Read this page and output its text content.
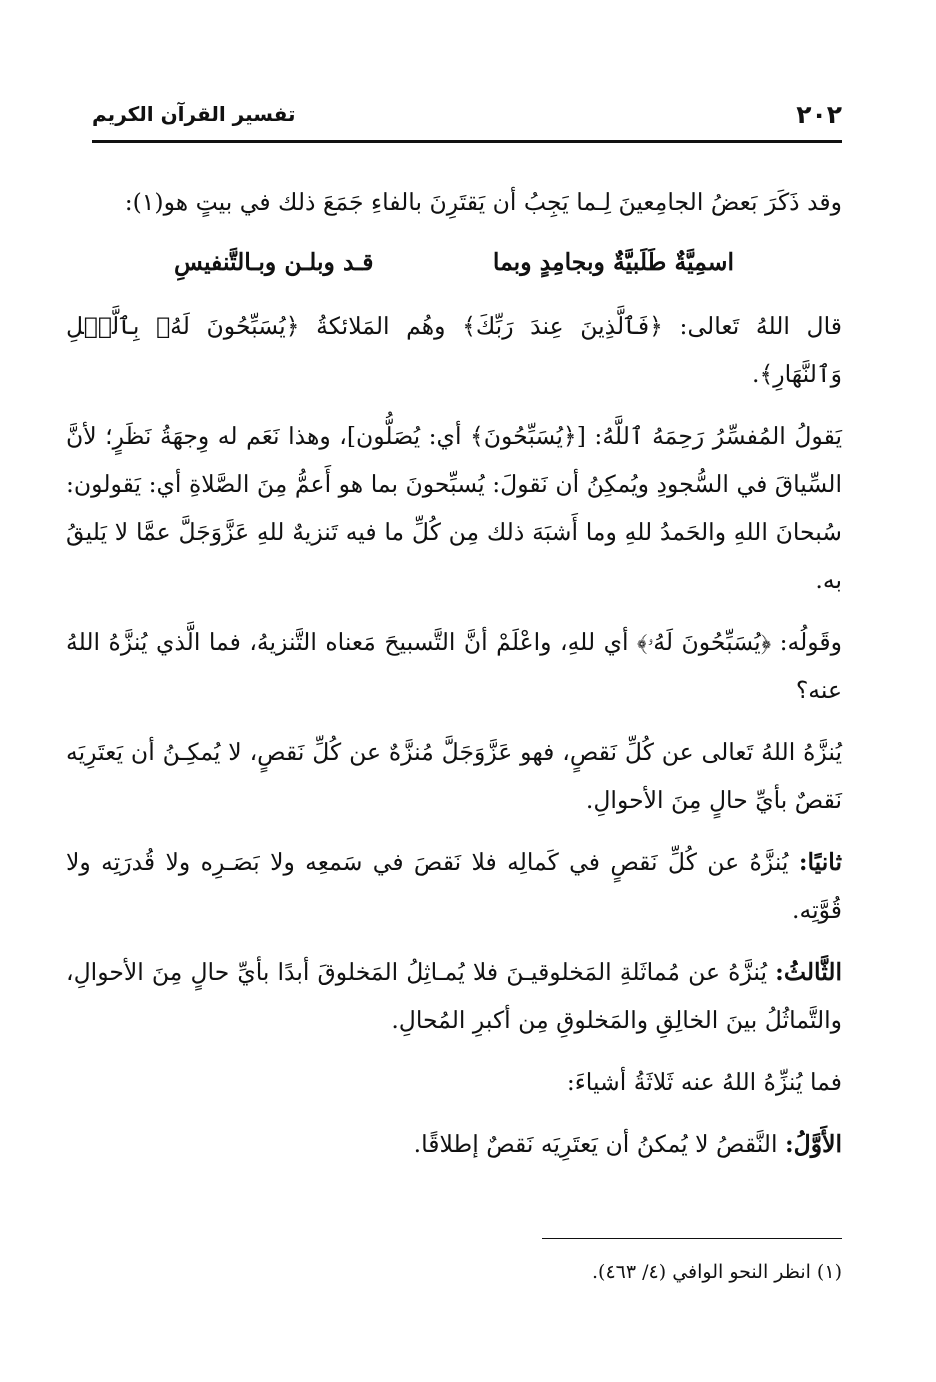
٢٠٢
تفسير القرآن الكريم

وقد ذَكَرَ بَعضُ الجامِعينَ لِـما يَجِبُ أن يَقتَرِنَ بالفاءِ جَمَعَ ذلك في بيتٍ هو(١):

اسمِيَّةٌ طَلَبيَّةٌ وبجامِدٍ وبما
قـد وبلـن وبـالتَّنفيسِ

قال اللهُ تَعالى: ﴿فَٱلَّذِينَ عِندَ رَبِّكَ﴾ وهُم المَلائكةُ ﴿يُسَبِّحُونَ لَهُۥ بِٱلَّيۡلِ وَٱلنَّهَارِ﴾.

يَقولُ المُفسِّرُ رَحِمَهُ ٱللَّهُ: [﴿يُسَبِّحُونَ﴾ أي: يُصَلُّون]، وهذا نَعَم له وِجهَةُ نَظَرٍ؛ لأنَّ السِّياقَ في السُّجودِ ويُمكِنُ أن نَقولَ: يُسبِّحونَ بما هو أَعمُّ مِنَ الصَّلاةِ أي: يَقولون: سُبحانَ اللهِ والحَمدُ للهِ وما أَشبَهَ ذلك مِن كُلِّ ما فيه تَنزيهٌ للهِ عَزَّوَجَلَّ عمَّا لا يَليقُ به.

وقَولُه: ﴿يُسَبِّحُونَ لَهُۥ﴾ أي للهِ، واعْلَمْ أنَّ التَّسبيحَ مَعناه التَّنزيهُ، فما الَّذي يُنزَّهُ اللهُ عنه؟

يُنزَّهُ اللهُ تَعالى عن كُلِّ نَقصٍ، فهو عَزَّوَجَلَّ مُنزَّهٌ عن كُلِّ نَقصٍ، لا يُمكِـنُ أن يَعتَرِيَه نَقصٌ بأيِّ حالٍ مِنَ الأحوالِ.

ثانيًا: يُنزَّهُ عن كُلِّ نَقصٍ في كَمالِه فلا نَقصَ في سَمعِه ولا بَصَـرِه ولا قُدرَتِه ولا قُوَّتِه.

الثَّالثُ: يُنزَّهُ عن مُماثَلةِ المَخلوقيـنَ فلا يُمـاثِلُ المَخلوقَ أبدًا بأيِّ حالٍ مِنَ الأحوالِ، والتَّماثُلُ بينَ الخالِقِ والمَخلوقِ مِن أكبرِ المُحالِ.

فما يُنزِّهُ اللهُ عنه ثَلاثَةُ أشياءَ:

الأَوَّلُ: النَّقصُ لا يُمكنُ أن يَعتَرِيَه نَقصٌ إطلاقًا.

(١) انظر النحو الوافي (٤/ ٤٦٣).
